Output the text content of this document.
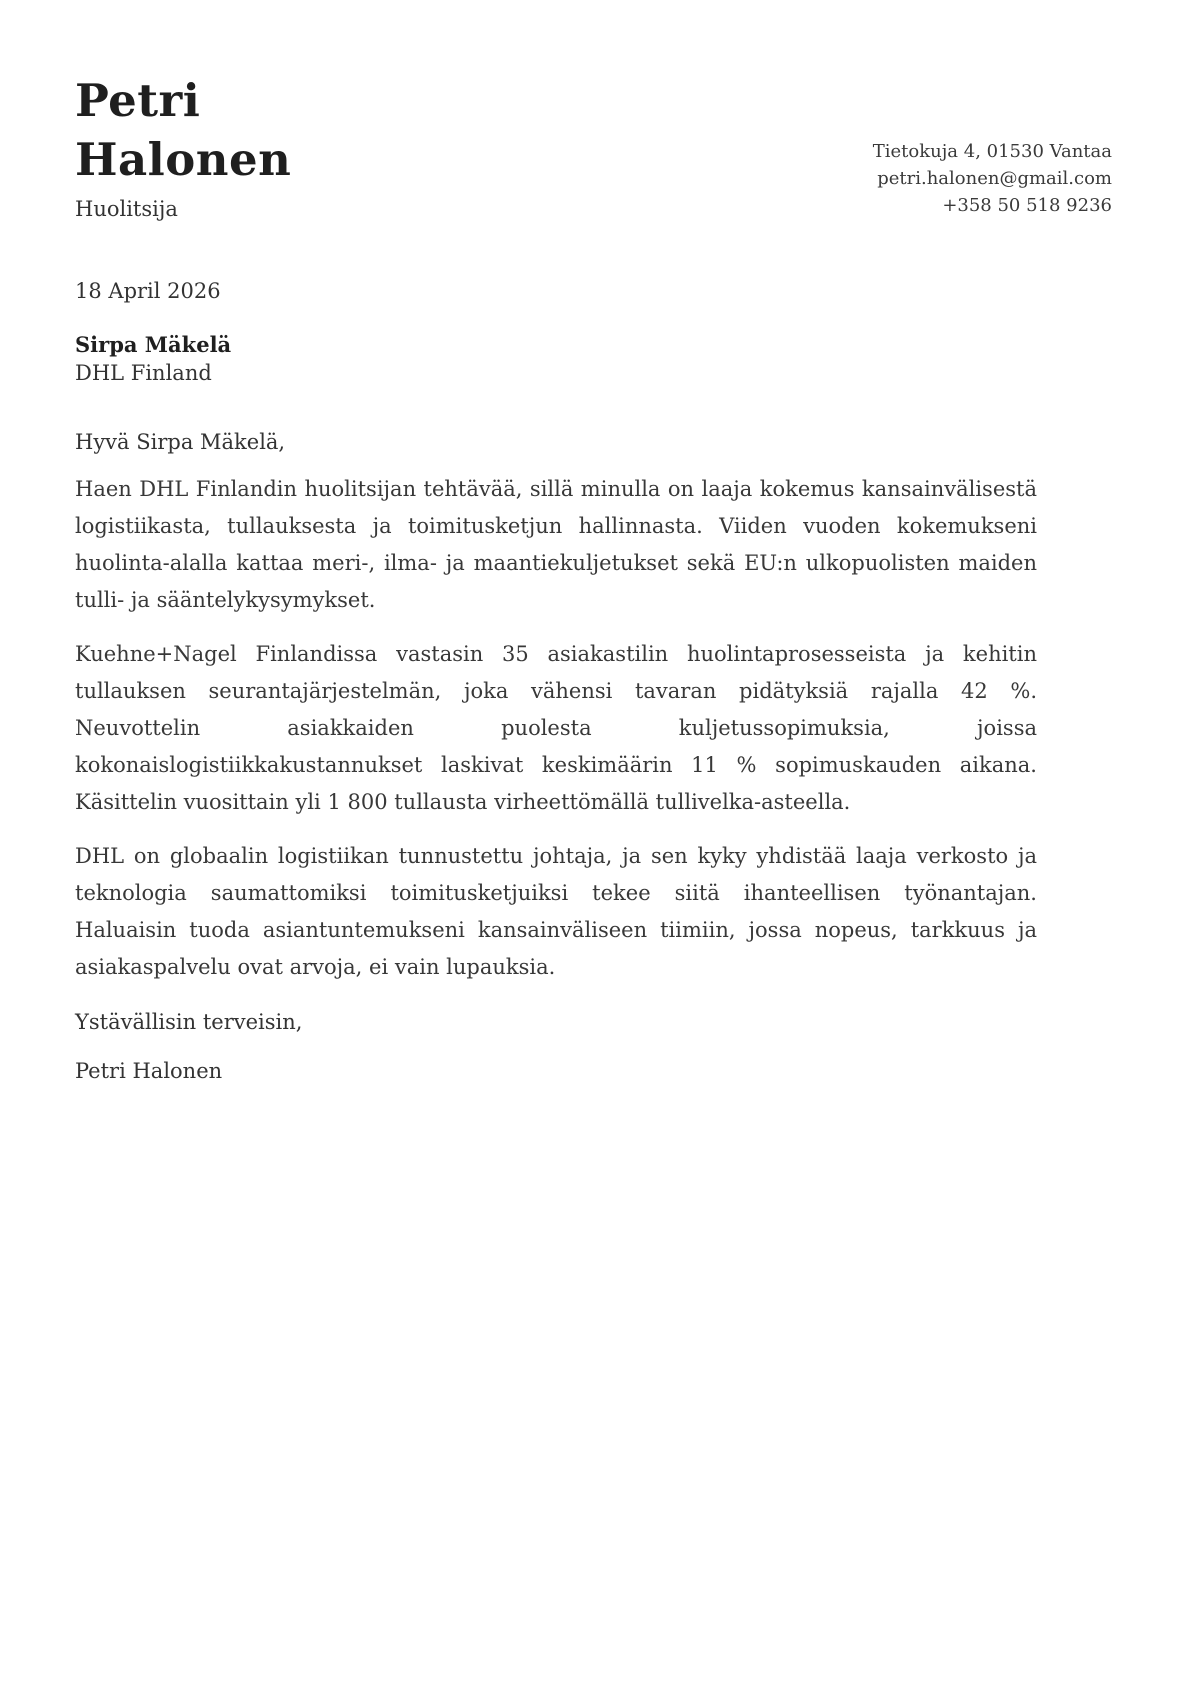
Petri Halonen
Huolitsija
Tietokuja 4, 01530 Vantaa
petri.halonen@gmail.com
+358 50 518 9236
18 April 2026
Sirpa Mäkelä
DHL Finland
Hyvä Sirpa Mäkelä,

Haen DHL Finlandin huolitsijan tehtävää, sillä minulla on laaja kokemus kansainvälisestä logistiikasta, tullauksesta ja toimitusketjun hallinnasta. Viiden vuoden kokemukseni huolinta-alalla kattaa meri-, ilma- ja maantiekuljetukset sekä EU:n ulkopuolisten maiden tulli- ja sääntelykysymykset.

Kuehne+Nagel Finlandissa vastasin 35 asiakastilin huolintaprosesseista ja kehitin tullauksen seurantajärjestelmän, joka vähensi tavaran pidätyksiä rajalla 42 %. Neuvottelin asiakkaiden puolesta kuljetussopimuksia, joissa kokonaislogistiikkakustannukset laskivat keskimäärin 11 % sopimuskauden aikana. Käsittelin vuosittain yli 1 800 tullausta virheettömällä tullivelka-asteella.

DHL on globaalin logistiikan tunnustettu johtaja, ja sen kyky yhdistää laaja verkosto ja teknologia saumattomiksi toimitusketjuiksi tekee siitä ihanteellisen työnantajan. Haluaisin tuoda asiantuntemukseni kansainväliseen tiimiin, jossa nopeus, tarkkuus ja asiakaspalvelu ovat arvoja, ei vain lupauksia.

Ystävällisin terveisin,
Petri Halonen
